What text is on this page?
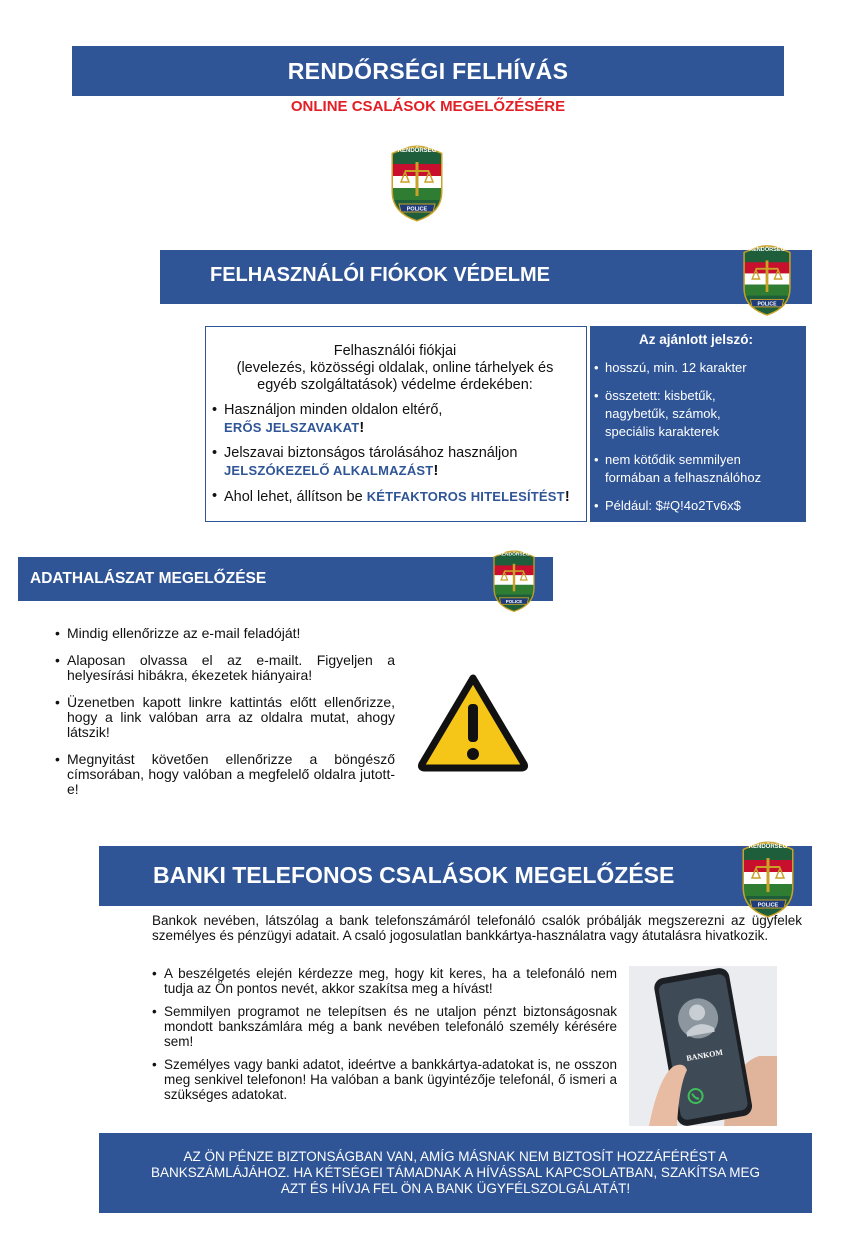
RENDŐRSÉGI FELHÍVÁS
ONLINE CSALÁSOK MEGELŐZÉSÉRE
RENDŐRSÉG
POLICE
FELHASZNÁLÓI FIÓKOK VÉDELME
RENDŐRSÉG
POLICE
Felhasználói fiókjai
(levelezés, közösségi oldalak, online tárhelyek és
egyéb szolgáltatások) védelme érdekében:
• Használjon minden oldalon eltérő,
ERŐS JELSZAVAKAT!
• Jelszavai biztonságos tárolásához használjon
JELSZÓKEZELŐ ALKALMAZÁST!
• Ahol lehet, állítson be KÉTFAKTOROS HITELESÍTÉST!
Az ajánlott jelszó:
• hosszú, min. 12 karakter
• összetett: kisbetűk, nagybetűk, számok, speciális karakterek
• nem kötődik semmilyen formában a felhasználóhoz
• Például: $#Q!4o2Tv6x$
ADATHALÁSZAT MEGELŐZÉSE
RENDŐRSÉG
POLICE
• Mindig ellenőrizze az e-mail feladóját!
• Alaposan olvassa el az e-mailt. Figyeljen a helyesírási hibákra, ékezetek hiányaira!
• Üzenetben kapott linkre kattintás előtt ellenőrizze, hogy a link valóban arra az oldalra mutat, ahogy látszik!
• Megnyitást követően ellenőrizze a böngésző címsorában, hogy valóban a megfelelő oldalra jutott-e!
BANKI TELEFONOS CSALÁSOK MEGELŐZÉSE
RENDŐRSÉG
POLICE
Bankok nevében, látszólag a bank telefonszámáról telefonáló csalók próbálják megszerezni az ügyfelek személyes és pénzügyi adatait. A csaló jogosulatlan bankkártya-használatra vagy átutalásra hivatkozik.
• A beszélgetés elején kérdezze meg, hogy kit keres, ha a telefonáló nem tudja az Ön pontos nevét, akkor szakítsa meg a hívást!
• Semmilyen programot ne telepítsen és ne utaljon pénzt biztonságosnak mondott bankszámlára még a bank nevében telefonáló személy kérésére sem!
• Személyes vagy banki adatot, ideértve a bankkártya-adatokat is, ne osszon meg senkivel telefonon! Ha valóban a bank ügyintézője telefonál, ő ismeri a szükséges adatokat.
BANKOM
AZ ÖN PÉNZE BIZTONSÁGBAN VAN, AMÍG MÁSNAK NEM BIZTOSÍT HOZZÁFÉRÉST A BANKSZÁMLÁJÁHOZ. HA KÉTSÉGEI TÁMADNAK A HÍVÁSSAL KAPCSOLATBAN, SZAKÍTSA MEG AZT ÉS HÍVJA FEL ÖN A BANK ÜGYFÉLSZOLGÁLATÁT!
